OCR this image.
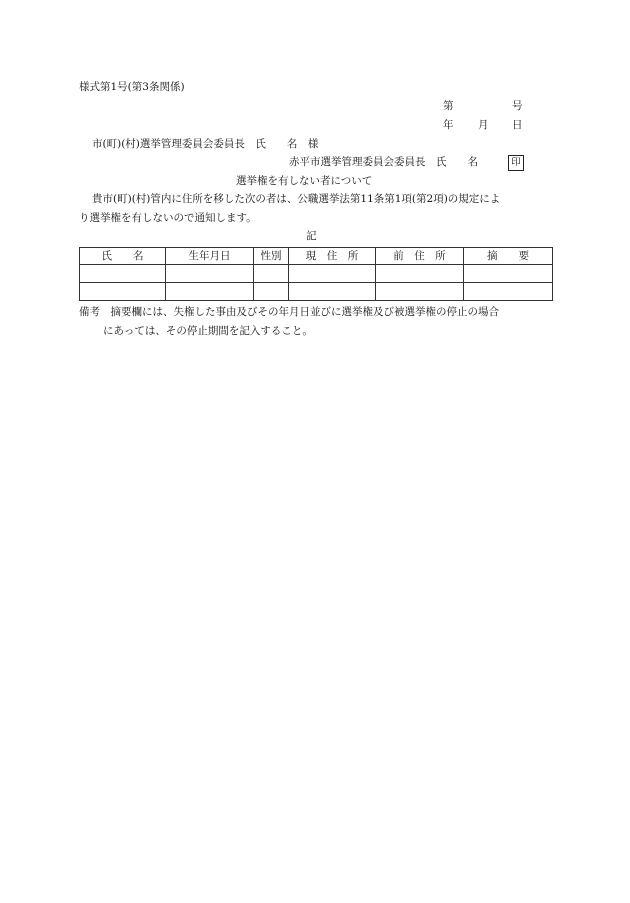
様式第1号(第3条関係)
第	号
年 月 日
市(町)(村)選挙管理委員会委員長　氏　　名　様
赤平市選挙管理委員会委員長　氏　　名	印
選挙権を有しない者について
貴市(町)(村)管内に住所を移した次の者は、公職選挙法第11条第1項(第2項)の規定によ
り選挙権を有しないので通知します。
記
氏　　名	生年月日	性別	現　住　所	前　住　所	摘　　要

備考　摘要欄には、失権した事由及びその年月日並びに選挙権及び被選挙権の停止の場合
にあっては、その停止期間を記入すること。
